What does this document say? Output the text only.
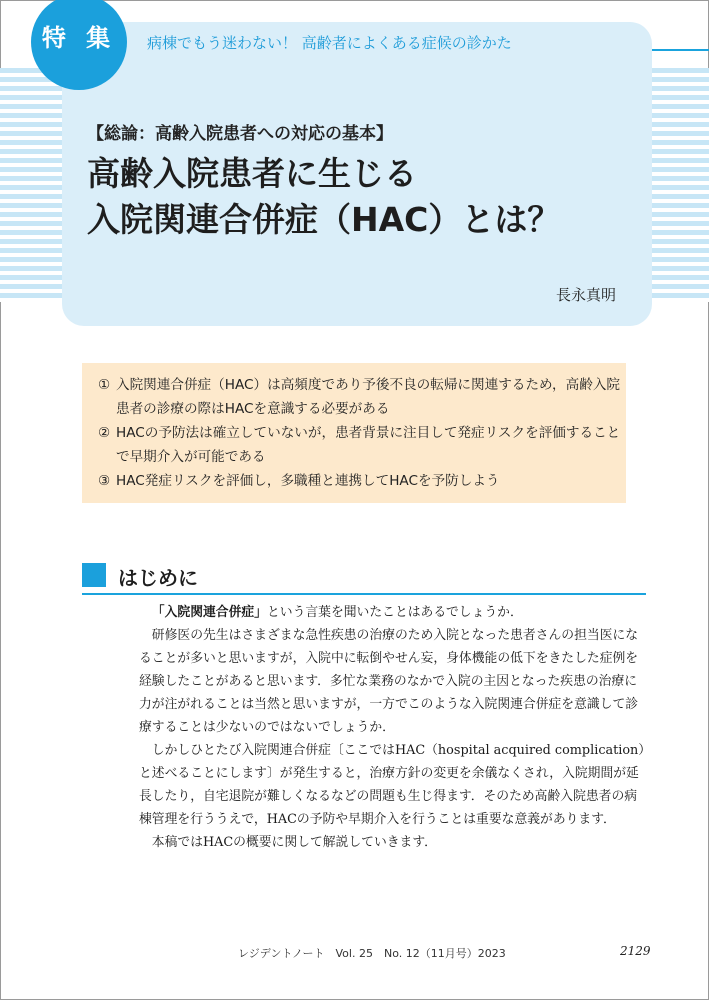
特 集 病棟でもう迷わない！ 高齢者によくある症候の診かた
【総論：高齢入院患者への対応の基本】
高齢入院患者に生じる
入院関連合併症（HAC）とは？
長永真明
① 入院関連合併症（HAC）は高頻度であり予後不良の転帰に関連するため，高齢入院患者の診療の際はHACを意識する必要がある
② HACの予防法は確立していないが，患者背景に注目して発症リスクを評価することで早期介入が可能である
③ HAC発症リスクを評価し，多職種と連携してHACを予防しよう
はじめに

「入院関連合併症」という言葉を聞いたことはあるでしょうか．

研修医の先生はさまざまな急性疾患の治療のため入院となった患者さんの担当医になることが多いと思いますが，入院中に転倒やせん妄，身体機能の低下をきたした症例を経験したことがあると思います．多忙な業務のなかで入院の主因となった疾患の治療に力が注がれることは当然と思いますが，一方でこのような入院関連合併症を意識して診療することは少ないのではないでしょうか．

しかしひとたび入院関連合併症〔ここではHAC（hospital acquired complication）と述べることにします〕が発生すると，治療方針の変更を余儀なくされ，入院期間が延長したり，自宅退院が難しくなるなどの問題も生じ得ます．そのため高齢入院患者の病棟管理を行ううえで，HACの予防や早期介入を行うことは重要な意義があります．

本稿ではHACの概要に関して解説していきます．

レジデントノート　Vol. 25　No. 12（11月号）2023	2129
